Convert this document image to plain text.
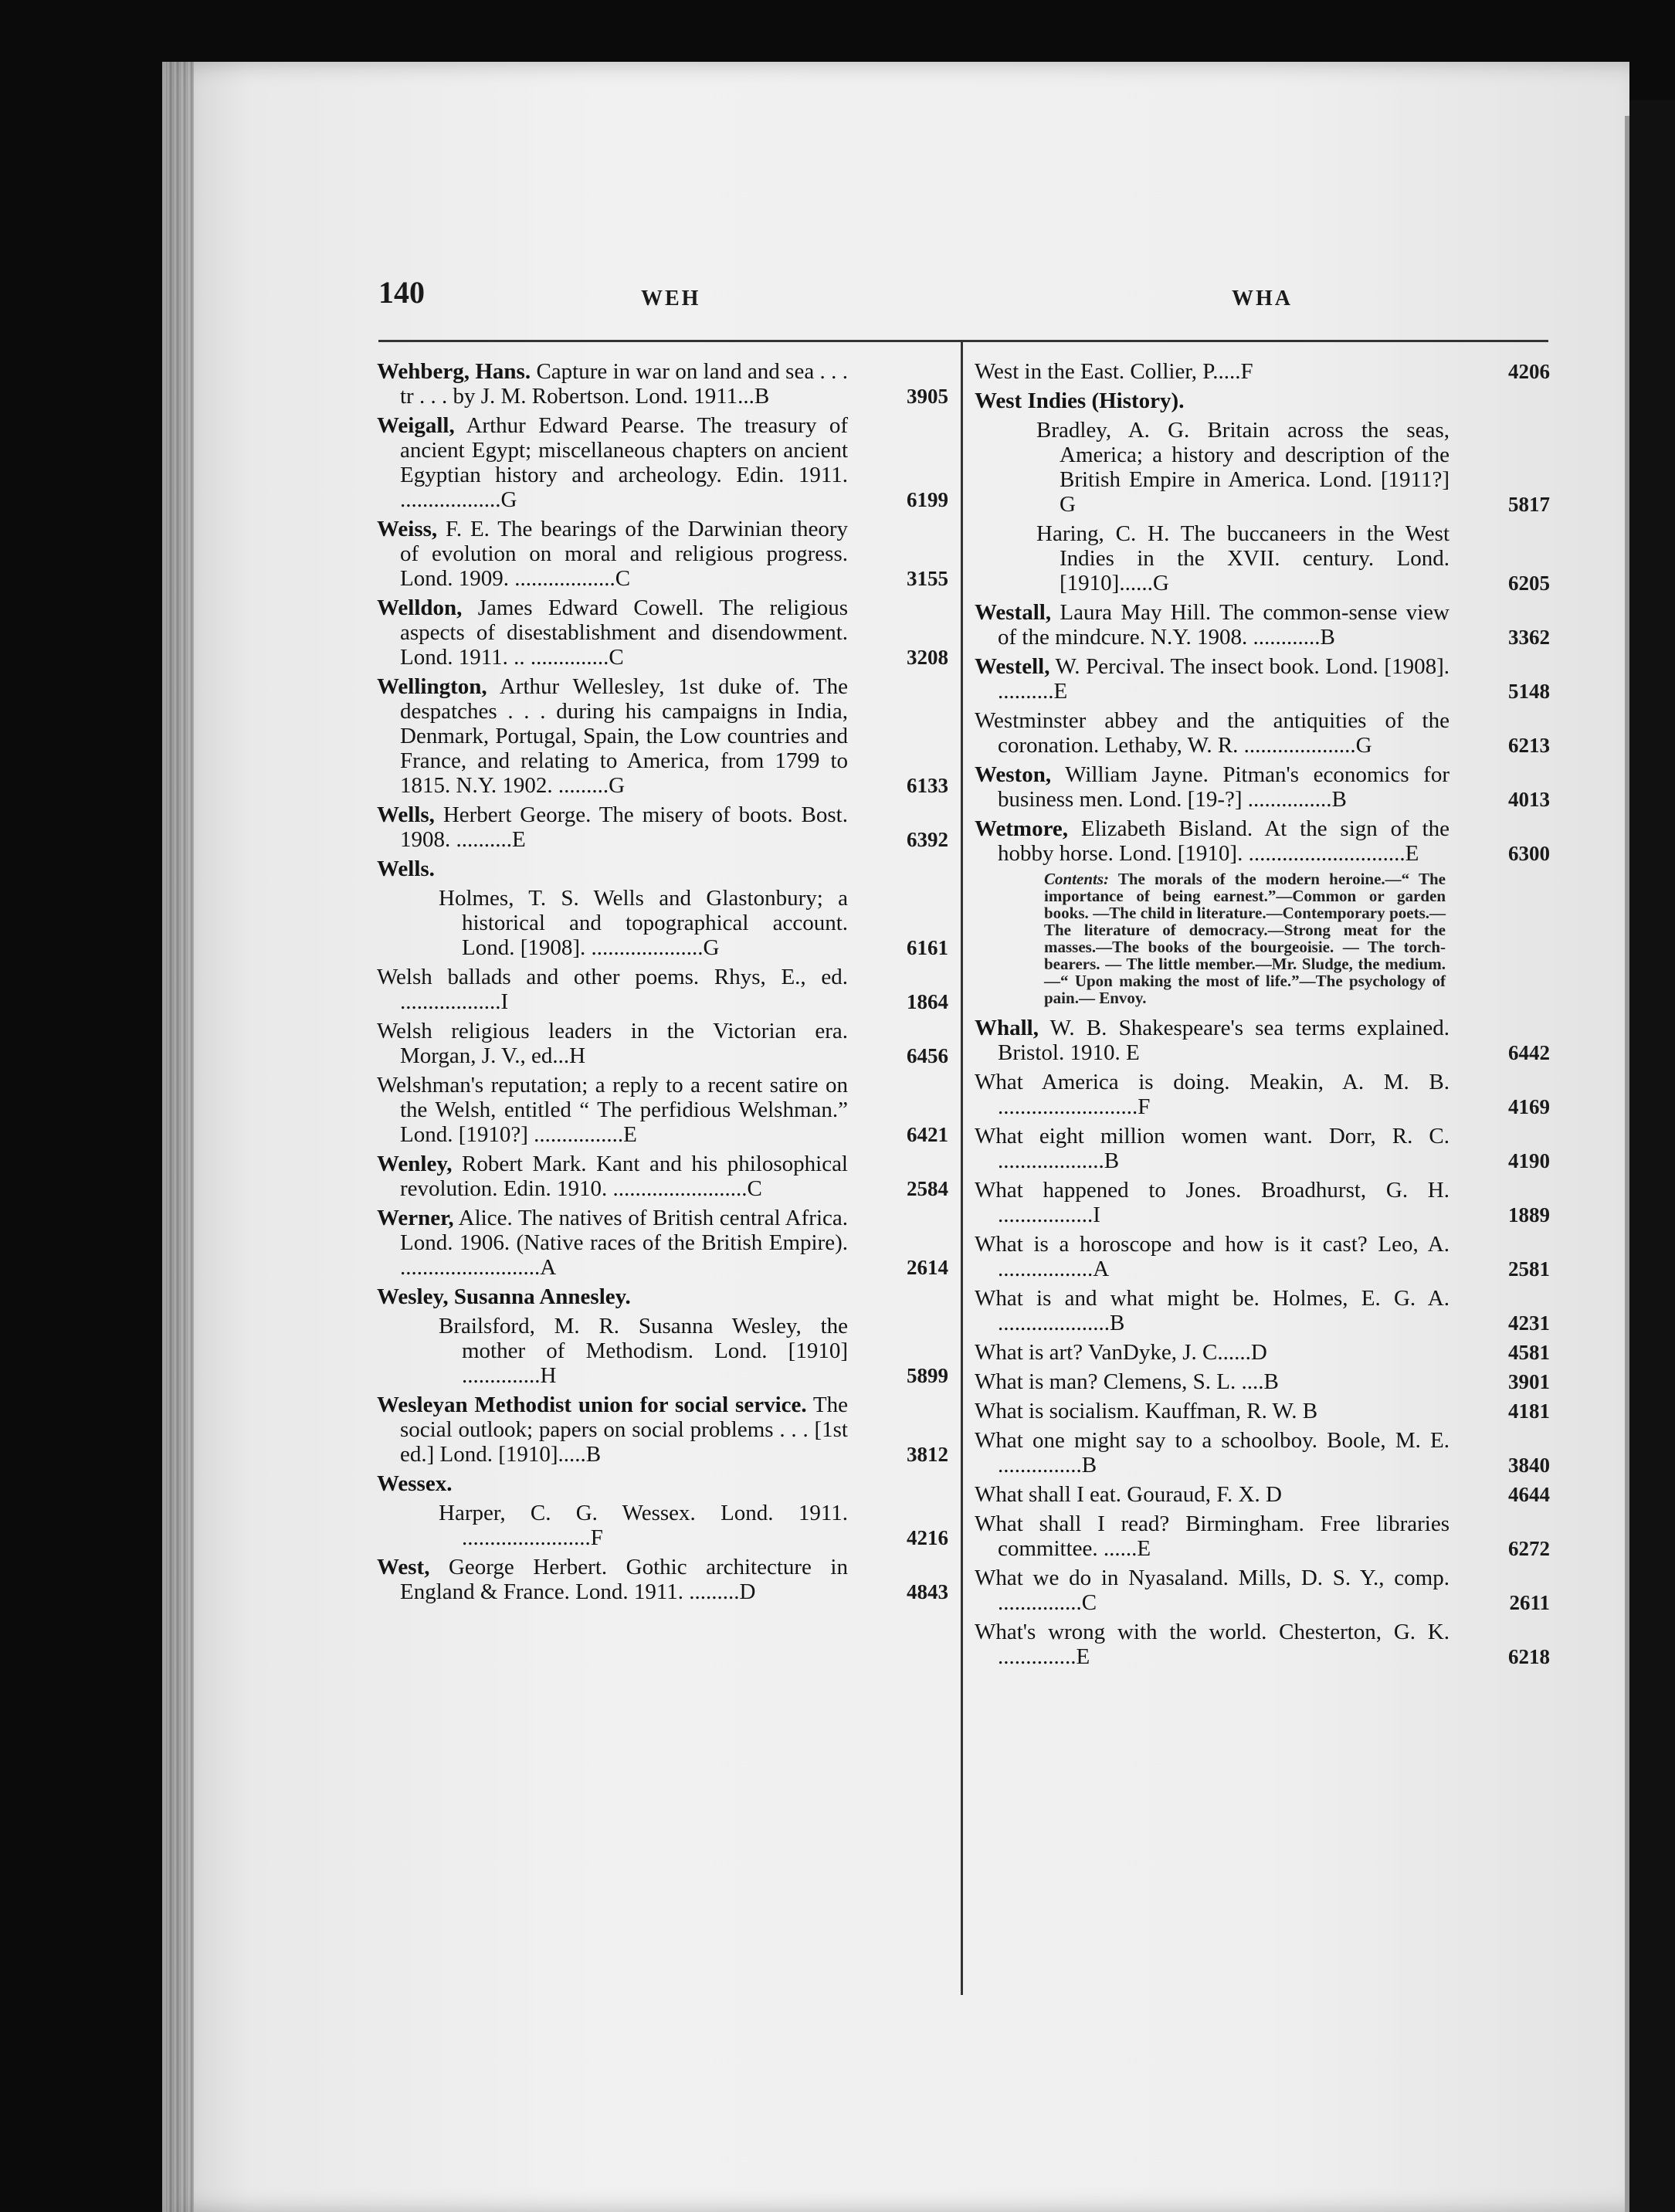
140	WEH	WHA
Wehberg, Hans. Capture in war on land and sea . . . tr . . . by J. M. Robertson. Lond. 1911...B	3905
Weigall, Arthur Edward Pearse. The treasury of ancient Egypt; miscellaneous chapters on ancient Egyptian history and archeology. Edin. 1911. ..................G	6199
Weiss, F. E. The bearings of the Darwinian theory of evolution on moral and religious progress. Lond. 1909. ..................C	3155
Welldon, James Edward Cowell. The religious aspects of disestablishment and disendowment. Lond. 1911. .. ..............C	3208
Wellington, Arthur Wellesley, 1st duke of. The despatches . . . during his campaigns in India, Denmark, Portugal, Spain, the Low countries and France, and relating to America, from 1799 to 1815. N.Y. 1902. .........G	6133
Wells, Herbert George. The misery of boots. Bost. 1908. ..........E	6392
Wells.
Holmes, T. S. Wells and Glastonbury; a historical and topographical account. Lond. [1908]. ....................G	6161
Welsh ballads and other poems. Rhys, E., ed. ..................I	1864
Welsh religious leaders in the Victorian era. Morgan, J. V., ed...H	6456
Welshman's reputation; a reply to a recent satire on the Welsh, entitled “ The perfidious Welshman.” Lond. [1910?] ................E	6421
Wenley, Robert Mark. Kant and his philosophical revolution. Edin. 1910. ........................C	2584
Werner, Alice. The natives of British central Africa. Lond. 1906. (Native races of the British Empire). .........................A	2614
Wesley, Susanna Annesley.
Brailsford, M. R. Susanna Wesley, the mother of Methodism. Lond. [1910] ..............H	5899
Wesleyan Methodist union for social service. The social outlook; papers on social problems . . . [1st ed.] Lond. [1910].....B	3812
Wessex.
Harper, C. G. Wessex. Lond. 1911. .......................F	4216
West, George Herbert. Gothic architecture in England & France. Lond. 1911. .........D	4843
West in the East. Collier, P.....F	4206
West Indies (History).
Bradley, A. G. Britain across the seas, America; a history and description of the British Empire in America. Lond. [1911?] G	5817
Haring, C. H. The buccaneers in the West Indies in the XVII. century. Lond. [1910]......G	6205
Westall, Laura May Hill. The common-sense view of the mindcure. N.Y. 1908. ............B	3362
Westell, W. Percival. The insect book. Lond. [1908]. ..........E	5148
Westminster abbey and the antiquities of the coronation. Lethaby, W. R. ....................G	6213
Weston, William Jayne. Pitman's economics for business men. Lond. [19-?] ...............B	4013
Wetmore, Elizabeth Bisland. At the sign of the hobby horse. Lond. [1910]. ............................E	6300
Contents: The morals of the modern heroine.—“ The importance of being earnest.”—Common or garden books. —The child in literature.—Contemporary poets.—The literature of democracy.—Strong meat for the masses.—The books of the bourgeoisie. — The torch-bearers. — The little member.—Mr. Sludge, the medium.—“ Upon making the most of life.”—The psychology of pain.— Envoy.
Whall, W. B. Shakespeare's sea terms explained. Bristol. 1910. E	6442
What America is doing. Meakin, A. M. B. .........................F	4169
What eight million women want. Dorr, R. C. ...................B	4190
What happened to Jones. Broadhurst, G. H. .................I	1889
What is a horoscope and how is it cast? Leo, A. .................A	2581
What is and what might be. Holmes, E. G. A. ....................B	4231
What is art? VanDyke, J. C......D	4581
What is man? Clemens, S. L. ....B	3901
What is socialism. Kauffman, R. W. B	4181
What one might say to a schoolboy. Boole, M. E. ...............B	3840
What shall I eat. Gouraud, F. X. D	4644
What shall I read? Birmingham. Free libraries committee. ......E	6272
What we do in Nyasaland. Mills, D. S. Y., comp. ...............C	2611
What's wrong with the world. Chesterton, G. K. ..............E	6218
